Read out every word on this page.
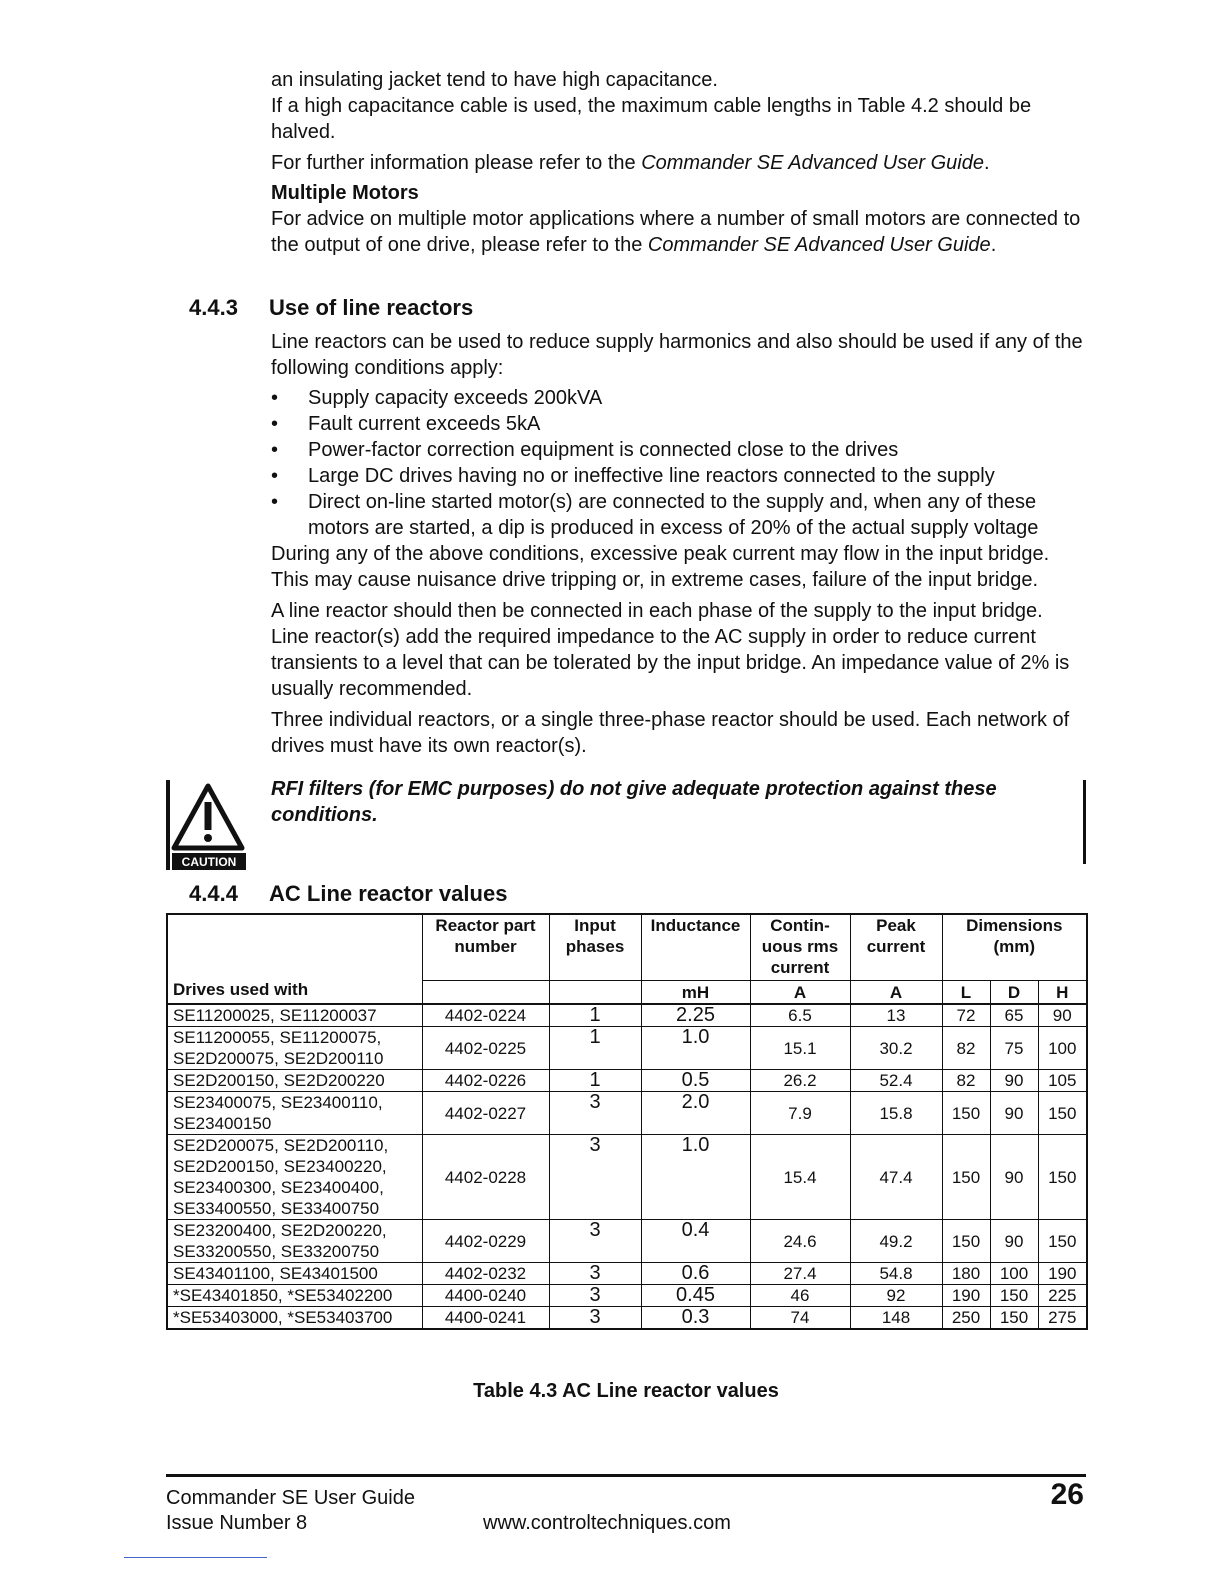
an insulating jacket tend to have high capacitance.

If a high capacitance cable is used, the maximum cable lengths in Table 4.2 should be halved.

For further information please refer to the Commander SE Advanced User Guide.

Multiple Motors

For advice on multiple motor applications where a number of small motors are connected to the output of one drive, please refer to the Commander SE Advanced User Guide.

4.4.3 Use of line reactors

Line reactors can be used to reduce supply harmonics and also should be used if any of the following conditions apply:

• Supply capacity exceeds 200kVA
• Fault current exceeds 5kA
• Power-factor correction equipment is connected close to the drives
• Large DC drives having no or ineffective line reactors connected to the supply
• Direct on-line started motor(s) are connected to the supply and, when any of these motors are started, a dip is produced in excess of 20% of the actual supply voltage

During any of the above conditions, excessive peak current may flow in the input bridge. This may cause nuisance drive tripping or, in extreme cases, failure of the input bridge.

A line reactor should then be connected in each phase of the supply to the input bridge. Line reactor(s) add the required impedance to the AC supply in order to reduce current transients to a level that can be tolerated by the input bridge. An impedance value of 2% is usually recommended.

Three individual reactors, or a single three-phase reactor should be used. Each network of drives must have its own reactor(s).

CAUTION
RFI filters (for EMC purposes) do not give adequate protection against these conditions.
4.4.4 AC Line reactor values
Drives used with	Reactor part number	Input phases	Inductance	Contin-uous rms current	Peak current	Dimensions (mm)		
			mH	A	A	L	D	H
SE11200025, SE11200037	4402-0224	1	2.25	6.5	13	72	65	90
SE11200055, SE11200075, SE2D200075, SE2D200110	4402-0225	1	1.0	15.1	30.2	82	75	100
SE2D200150, SE2D200220	4402-0226	1	0.5	26.2	52.4	82	90	105
SE23400075, SE23400110, SE23400150	4402-0227	3	2.0	7.9	15.8	150	90	150
SE2D200075, SE2D200110, SE2D200150, SE23400220, SE23400300, SE23400400, SE33400550, SE33400750	4402-0228	3	1.0	15.4	47.4	150	90	150
SE23200400, SE2D200220, SE33200550, SE33200750	4402-0229	3	0.4	24.6	49.2	150	90	150
SE43401100, SE43401500	4402-0232	3	0.6	27.4	54.8	180	100	190
*SE43401850, *SE53402200	4400-0240	3	0.45	46	92	190	150	225
*SE53403000, *SE53403700	4400-0241	3	0.3	74	148	250	150	275
Table 4.3 AC Line reactor values
Commander SE User Guide
Issue Number 8	www.controltechniques.com
26
